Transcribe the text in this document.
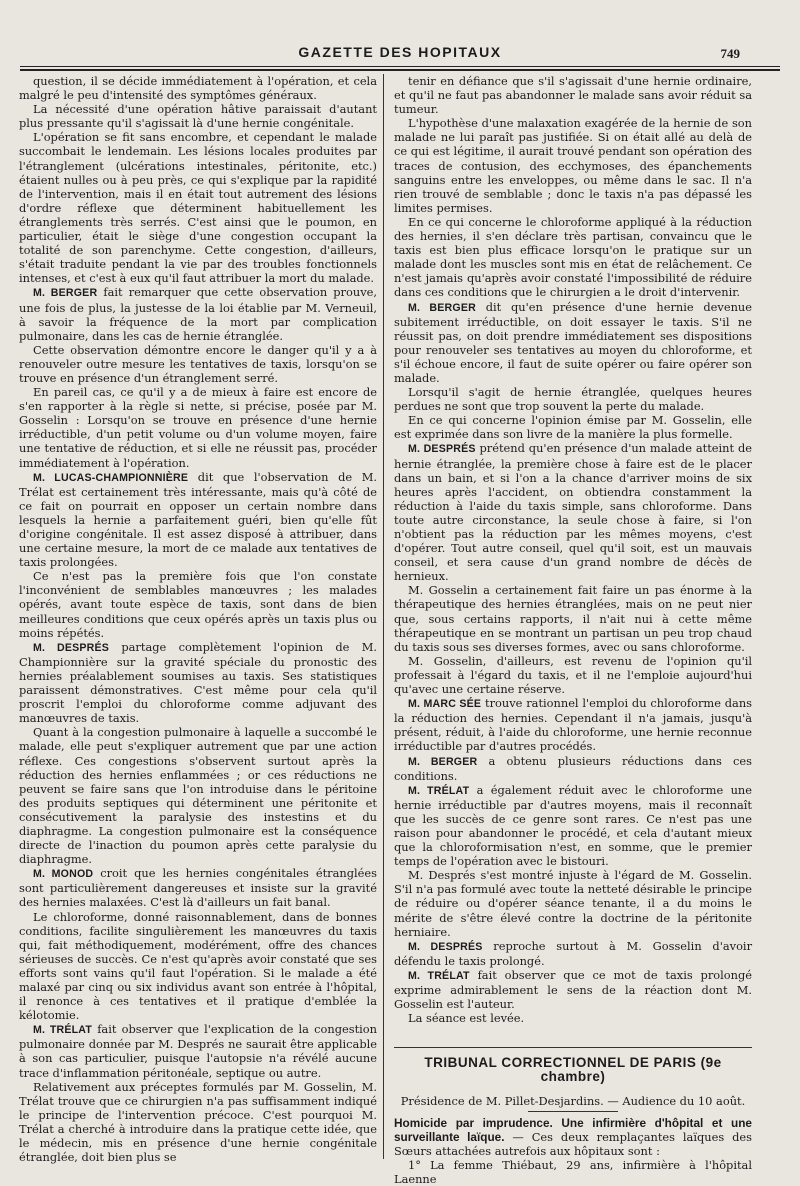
GAZETTE DES HOPITAUX	749

question, il se décide immédiatement à l'opération, et cela malgré le peu d'intensité des symptômes généraux.

La nécessité d'une opération hâtive paraissait d'autant plus pressante qu'il s'agissait là d'une hernie congénitale.

L'opération se fit sans encombre, et cependant le malade succombait le lendemain. Les lésions locales produites par l'étranglement (ulcérations intestinales, péritonite, etc.) étaient nulles ou à peu près, ce qui s'explique par la rapidité de l'intervention, mais il en était tout autrement des lésions d'ordre réflexe que déterminent habituellement les étranglements très serrés. C'est ainsi que le poumon, en particulier, était le siège d'une congestion occupant la totalité de son parenchyme. Cette congestion, d'ailleurs, s'était traduite pendant la vie par des troubles fonctionnels intenses, et c'est à eux qu'il faut attribuer la mort du malade.

M. BERGER fait remarquer que cette observation prouve, une fois de plus, la justesse de la loi établie par M. Verneuil, à savoir la fréquence de la mort par complication pulmonaire, dans les cas de hernie étranglée.

Cette observation démontre encore le danger qu'il y a à renouveler outre mesure les tentatives de taxis, lorsqu'on se trouve en présence d'un étranglement serré.

En pareil cas, ce qu'il y a de mieux à faire est encore de s'en rapporter à la règle si nette, si précise, posée par M. Gosselin : Lorsqu'on se trouve en présence d'une hernie irréductible, d'un petit volume ou d'un volume moyen, faire une tentative de réduction, et si elle ne réussit pas, procéder immédiatement à l'opération.

M. LUCAS-CHAMPIONNIÈRE dit que l'observation de M. Trélat est certainement très intéressante, mais qu'à côté de ce fait on pourrait en opposer un certain nombre dans lesquels la hernie a parfaitement guéri, bien qu'elle fût d'origine congénitale. Il est assez disposé à attribuer, dans une certaine mesure, la mort de ce malade aux tentatives de taxis prolongées.

Ce n'est pas la première fois que l'on constate l'inconvénient de semblables manœuvres ; les malades opérés, avant toute espèce de taxis, sont dans de bien meilleures conditions que ceux opérés après un taxis plus ou moins répétés.

M. DESPRÉS partage complètement l'opinion de M. Championnière sur la gravité spéciale du pronostic des hernies préalablement soumises au taxis. Ses statistiques paraissent démonstratives. C'est même pour cela qu'il proscrit l'emploi du chloroforme comme adjuvant des manœuvres de taxis.

Quant à la congestion pulmonaire à laquelle a succombé le malade, elle peut s'expliquer autrement que par une action réflexe. Ces congestions s'observent surtout après la réduction des hernies enflammées ; or ces réductions ne peuvent se faire sans que l'on introduise dans le péritoine des produits septiques qui déterminent une péritonite et consécutivement la paralysie des instestins et du diaphragme. La congestion pulmonaire est la conséquence directe de l'inaction du poumon après cette paralysie du diaphragme.

M. MONOD croit que les hernies congénitales étranglées sont particulièrement dangereuses et insiste sur la gravité des hernies malaxées. C'est là d'ailleurs un fait banal.

Le chloroforme, donné raisonnablement, dans de bonnes conditions, facilite singulièrement les manœuvres du taxis qui, fait méthodiquement, modérément, offre des chances sérieuses de succès. Ce n'est qu'après avoir constaté que ses efforts sont vains qu'il faut l'opération. Si le malade a été malaxé par cinq ou six individus avant son entrée à l'hôpital, il renonce à ces tentatives et il pratique d'emblée la kélotomie.

M. TRÉLAT fait observer que l'explication de la congestion pulmonaire donnée par M. Després ne saurait être applicable à son cas particulier, puisque l'autopsie n'a révélé aucune trace d'inflammation péritonéale, septique ou autre.

Relativement aux préceptes formulés par M. Gosselin, M. Trélat trouve que ce chirurgien n'a pas suffisamment indiqué le principe de l'intervention précoce. C'est pourquoi M. Trélat a cherché à introduire dans la pratique cette idée, que le médecin, mis en présence d'une hernie congénitale étranglée, doit bien plus se

tenir en défiance que s'il s'agissait d'une hernie ordinaire, et qu'il ne faut pas abandonner le malade sans avoir réduit sa tumeur.

L'hypothèse d'une malaxation exagérée de la hernie de son malade ne lui paraît pas justifiée. Si on était allé au delà de ce qui est légitime, il aurait trouvé pendant son opération des traces de contusion, des ecchymoses, des épanchements sanguins entre les enveloppes, ou même dans le sac. Il n'a rien trouvé de semblable ; donc le taxis n'a pas dépassé les limites permises.

En ce qui concerne le chloroforme appliqué à la réduction des hernies, il s'en déclare très partisan, convaincu que le taxis est bien plus efficace lorsqu'on le pratique sur un malade dont les muscles sont mis en état de relâchement. Ce n'est jamais qu'après avoir constaté l'impossibilité de réduire dans ces conditions que le chirurgien a le droit d'intervenir.

M. BERGER dit qu'en présence d'une hernie devenue subitement irréductible, on doit essayer le taxis. S'il ne réussit pas, on doit prendre immédiatement ses dispositions pour renouveler ses tentatives au moyen du chloroforme, et s'il échoue encore, il faut de suite opérer ou faire opérer son malade.

Lorsqu'il s'agit de hernie étranglée, quelques heures perdues ne sont que trop souvent la perte du malade.

En ce qui concerne l'opinion émise par M. Gosselin, elle est exprimée dans son livre de la manière la plus formelle.

M. DESPRÉS prétend qu'en présence d'un malade atteint de hernie étranglée, la première chose à faire est de le placer dans un bain, et si l'on a la chance d'arriver moins de six heures après l'accident, on obtiendra constamment la réduction à l'aide du taxis simple, sans chloroforme. Dans toute autre circonstance, la seule chose à faire, si l'on n'obtient pas la réduction par les mêmes moyens, c'est d'opérer. Tout autre conseil, quel qu'il soit, est un mauvais conseil, et sera cause d'un grand nombre de décès de hernieux.

M. Gosselin a certainement fait faire un pas énorme à la thérapeutique des hernies étranglées, mais on ne peut nier que, sous certains rapports, il n'ait nui à cette même thérapeutique en se montrant un partisan un peu trop chaud du taxis sous ses diverses formes, avec ou sans chloroforme.

M. Gosselin, d'ailleurs, est revenu de l'opinion qu'il professait à l'égard du taxis, et il ne l'emploie aujourd'hui qu'avec une certaine réserve.

M. MARC SÉE trouve rationnel l'emploi du chloroforme dans la réduction des hernies. Cependant il n'a jamais, jusqu'à présent, réduit, à l'aide du chloroforme, une hernie reconnue irréductible par d'autres procédés.

M. BERGER a obtenu plusieurs réductions dans ces conditions.

M. TRÉLAT a également réduit avec le chloroforme une hernie irréductible par d'autres moyens, mais il reconnaît que les succès de ce genre sont rares. Ce n'est pas une raison pour abandonner le procédé, et cela d'autant mieux que la chloroformisation n'est, en somme, que le premier temps de l'opération avec le bistouri.

M. Després s'est montré injuste à l'égard de M. Gosselin. S'il n'a pas formulé avec toute la netteté désirable le principe de réduire ou d'opérer séance tenante, il a du moins le mérite de s'être élevé contre la doctrine de la péritonite herniaire.

M. DESPRÉS reproche surtout à M. Gosselin d'avoir défendu le taxis prolongé.

M. TRÉLAT fait observer que ce mot de taxis prolongé exprime admirablement le sens de la réaction dont M. Gosselin est l'auteur.

La séance est levée.

TRIBUNAL CORRECTIONNEL DE PARIS (9e chambre)

Présidence de M. Pillet-Desjardins. — Audience du 10 août.

Homicide par imprudence. Une infirmière d'hôpital et une surveillante laïque. — Ces deux remplaçantes laïques des Sœurs attachées autrefois aux hôpitaux sont :

1° La femme Thiébaut, 29 ans, infirmière à l'hôpital Laenne
